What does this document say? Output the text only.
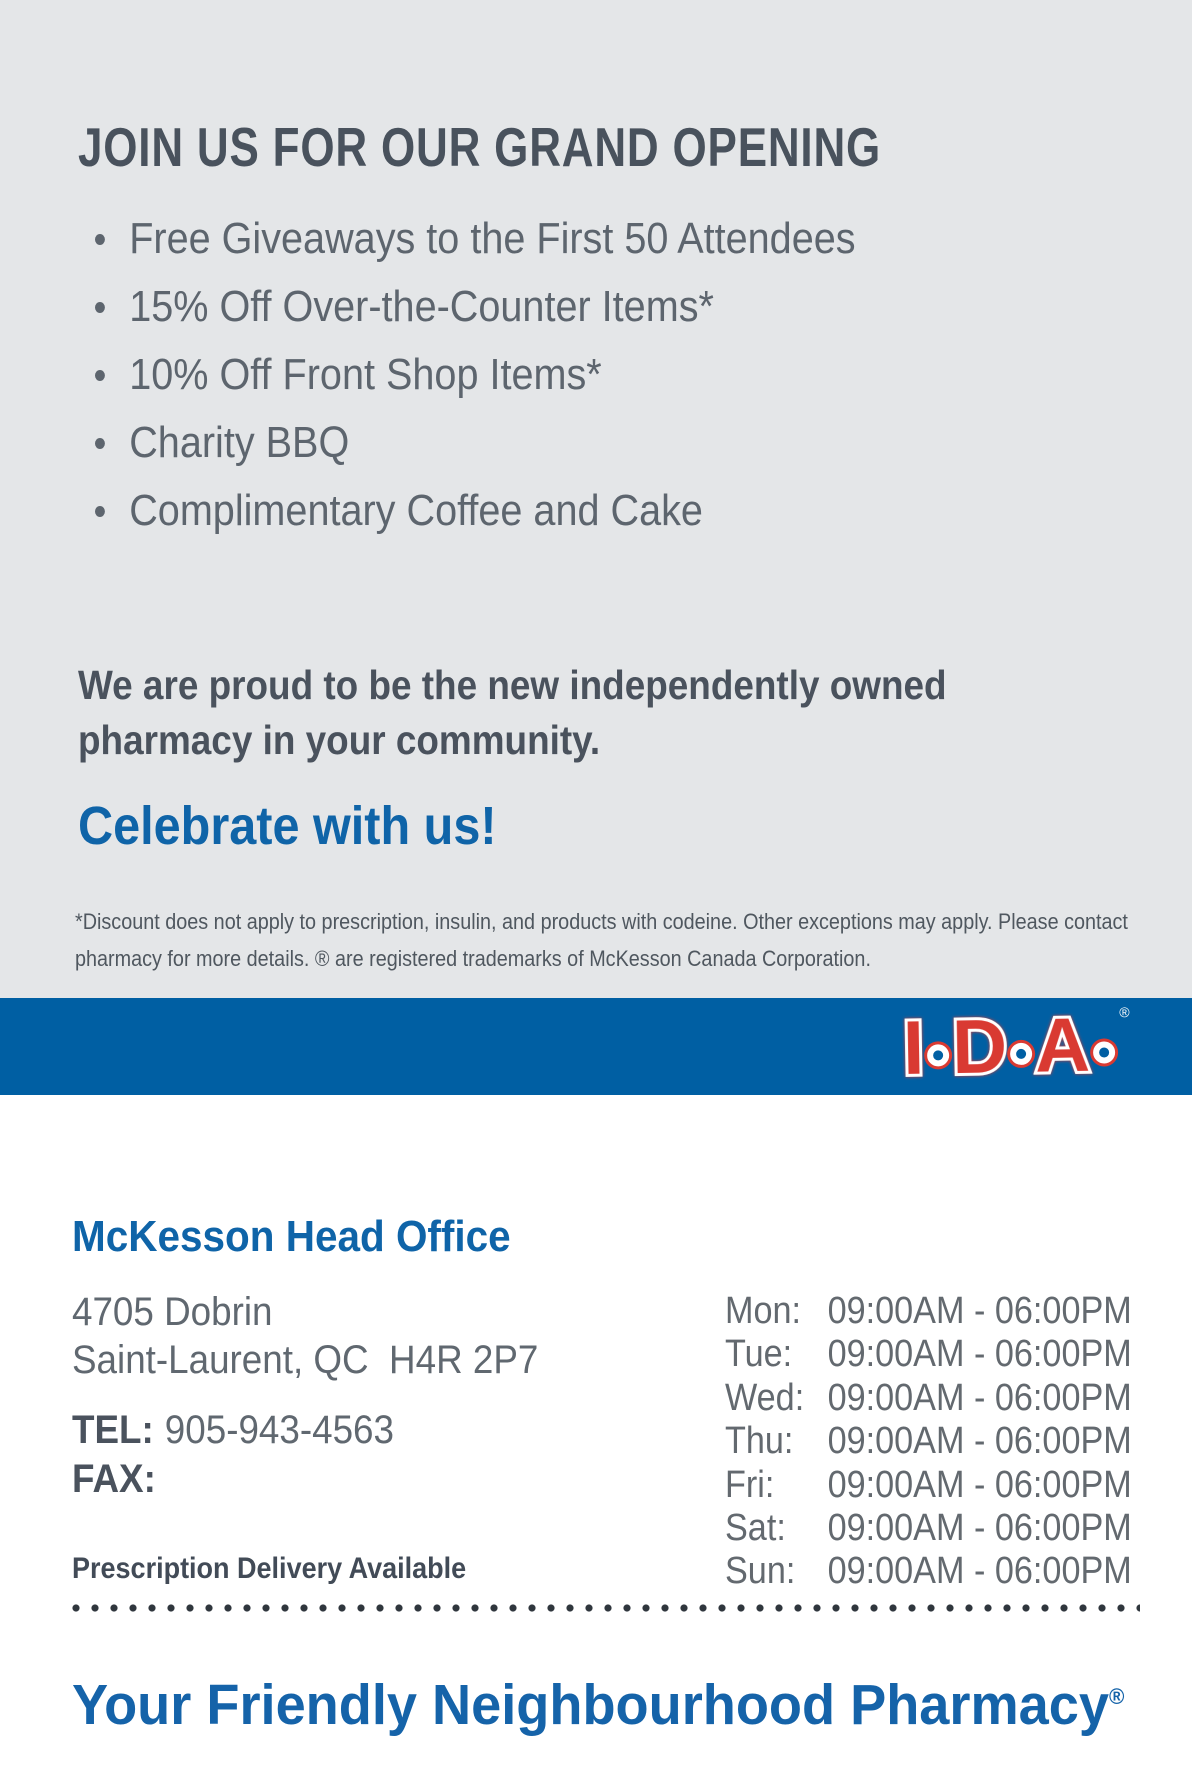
JOIN US FOR OUR GRAND OPENING
Free Giveaways to the First 50 Attendees
15% Off Over-the-Counter Items*
10% Off Front Shop Items*
Charity BBQ
Complimentary Coffee and Cake
We are proud to be the new independently owned pharmacy in your community.
Celebrate with us!
*Discount does not apply to prescription, insulin, and products with codeine. Other exceptions may apply. Please contact pharmacy for more details. ® are registered trademarks of McKesson Canada Corporation.
I D A ®
McKesson Head Office
4705 Dobrin
Saint-Laurent, QC  H4R 2P7
TEL: 905-943-4563
FAX:
Mon: 09:00AM - 06:00PM
Tue: 09:00AM - 06:00PM
Wed: 09:00AM - 06:00PM
Thu: 09:00AM - 06:00PM
Fri: 09:00AM - 06:00PM
Sat: 09:00AM - 06:00PM
Sun: 09:00AM - 06:00PM
Prescription Delivery Available
Your Friendly Neighbourhood Pharmacy®
